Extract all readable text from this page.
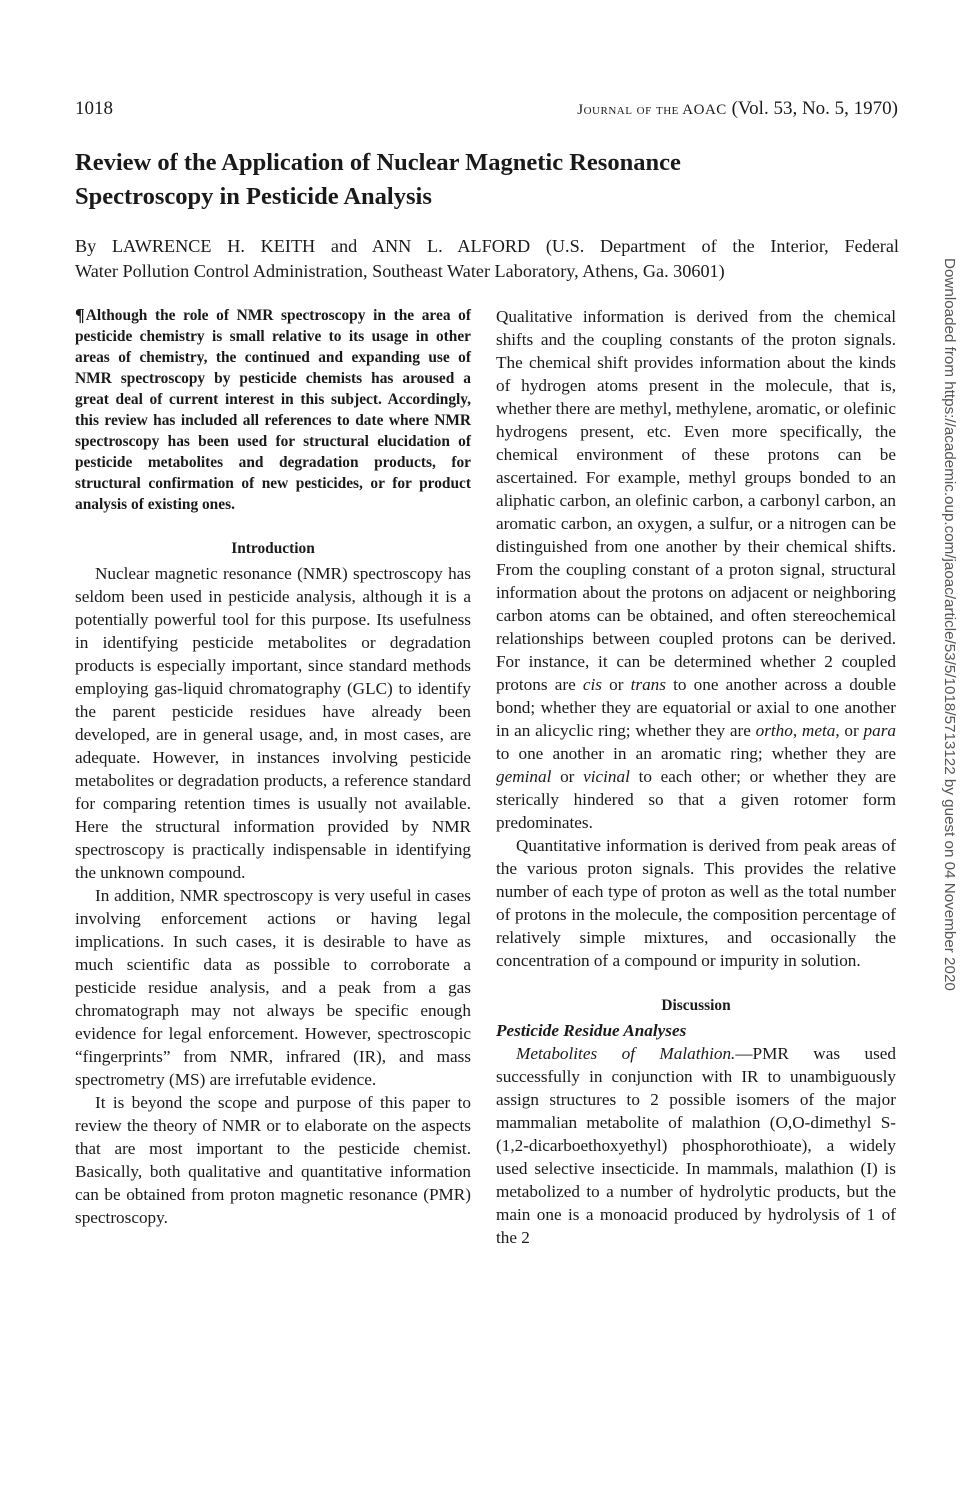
1018	Journal of the AOAC (Vol. 53, No. 5, 1970)
Review of the Application of Nuclear Magnetic Resonance
Spectroscopy in Pesticide Analysis
By LAWRENCE H. KEITH and ANN L. ALFORD (U.S. Department of the Interior, Federal
Water Pollution Control Administration, Southeast Water Laboratory, Athens, Ga. 30601)

¶Although the role of NMR spectroscopy in the area of pesticide chemistry is small relative to its usage in other areas of chemistry, the continued and expanding use of NMR spectroscopy by pesticide chemists has aroused a great deal of current interest in this subject. Accordingly, this review has included all references to date where NMR spectroscopy has been used for structural elucidation of pesticide metabolites and degradation products, for structural confirmation of new pesticides, or for product analysis of existing ones.

Introduction

Nuclear magnetic resonance (NMR) spectroscopy has seldom been used in pesticide analysis, although it is a potentially powerful tool for this purpose. Its usefulness in identifying pesticide metabolites or degradation products is especially important, since standard methods employing gas-liquid chromatography (GLC) to identify the parent pesticide residues have already been developed, are in general usage, and, in most cases, are adequate. However, in instances involving pesticide metabolites or degradation products, a reference standard for comparing retention times is usually not available. Here the structural information provided by NMR spectroscopy is practically indispensable in identifying the unknown compound.

In addition, NMR spectroscopy is very useful in cases involving enforcement actions or having legal implications. In such cases, it is desirable to have as much scientific data as possible to corroborate a pesticide residue analysis, and a peak from a gas chromatograph may not always be specific enough evidence for legal enforcement. However, spectroscopic “fingerprints” from NMR, infrared (IR), and mass spectrometry (MS) are irrefutable evidence.

It is beyond the scope and purpose of this paper to review the theory of NMR or to elaborate on the aspects that are most important to the pesticide chemist. Basically, both qualitative and quantitative information can be obtained from proton magnetic resonance (PMR) spectroscopy.

Qualitative information is derived from the chemical shifts and the coupling constants of the proton signals. The chemical shift provides information about the kinds of hydrogen atoms present in the molecule, that is, whether there are methyl, methylene, aromatic, or olefinic hydrogens present, etc. Even more specifically, the chemical environment of these protons can be ascertained. For example, methyl groups bonded to an aliphatic carbon, an olefinic carbon, a carbonyl carbon, an aromatic carbon, an oxygen, a sulfur, or a nitrogen can be distinguished from one another by their chemical shifts. From the coupling constant of a proton signal, structural information about the protons on adjacent or neighboring carbon atoms can be obtained, and often stereochemical relationships between coupled protons can be derived. For instance, it can be determined whether 2 coupled protons are cis or trans to one another across a double bond; whether they are equatorial or axial to one another in an alicyclic ring; whether they are ortho, meta, or para to one another in an aromatic ring; whether they are geminal or vicinal to each other; or whether they are sterically hindered so that a given rotomer form predominates.

Quantitative information is derived from peak areas of the various proton signals. This provides the relative number of each type of proton as well as the total number of protons in the molecule, the composition percentage of relatively simple mixtures, and occasionally the concentration of a compound or impurity in solution.

Discussion

Pesticide Residue Analyses

Metabolites of Malathion.—PMR was used successfully in conjunction with IR to unambiguously assign structures to 2 possible isomers of the major mammalian metabolite of malathion (O,O-dimethyl S-(1,2-dicarboethoxyethyl) phosphorothioate), a widely used selective insecticide. In mammals, malathion (I) is metabolized to a number of hydrolytic products, but the main one is a monoacid produced by hydrolysis of 1 of the 2

Downloaded from https://academic.oup.com/jaoac/article/53/5/1018/5713122 by guest on 04 November 2020
